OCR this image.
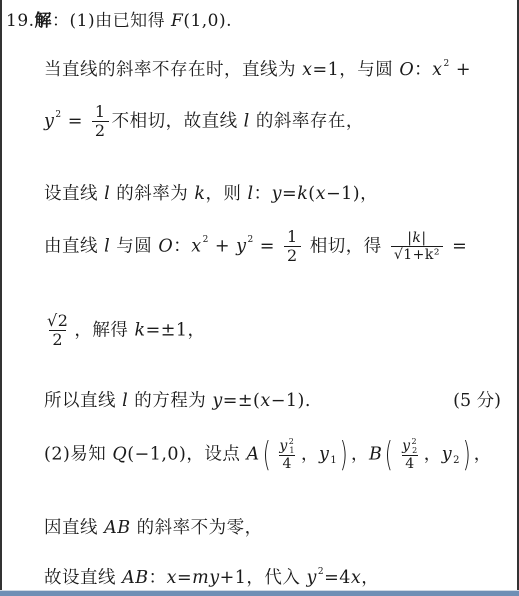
19.解：(1)由已知得 F(1,0).
当直线的斜率不存在时，直线为 x=1，与圆 O：$x^2$ +
$y^2 = \frac{1}{2}$ 不相切，故直线 l 的斜率存在，
设直线 l 的斜率为 k，则 l：y=k(x−1)，
由直线 l 与圆 O：$x^2 + y^2 = \frac{1}{2}$ 相切，得 $\frac{|k|}{\text{√1+k²}}$ =
$\frac{√2}{2}$ ，解得 k=±1，
所以直线 l 的方程为 y=±(x−1).	(5 分)
(2)易知 Q(−1,0)，设点 $A( \frac{y^2_1}{4}$ ，y1) ，$B( \frac{y^2_2}{4}$ ，y2) ，
因直线 AB 的斜率不为零，
故设直线 AB：x=my+1，代入 $y^2=4x$，
